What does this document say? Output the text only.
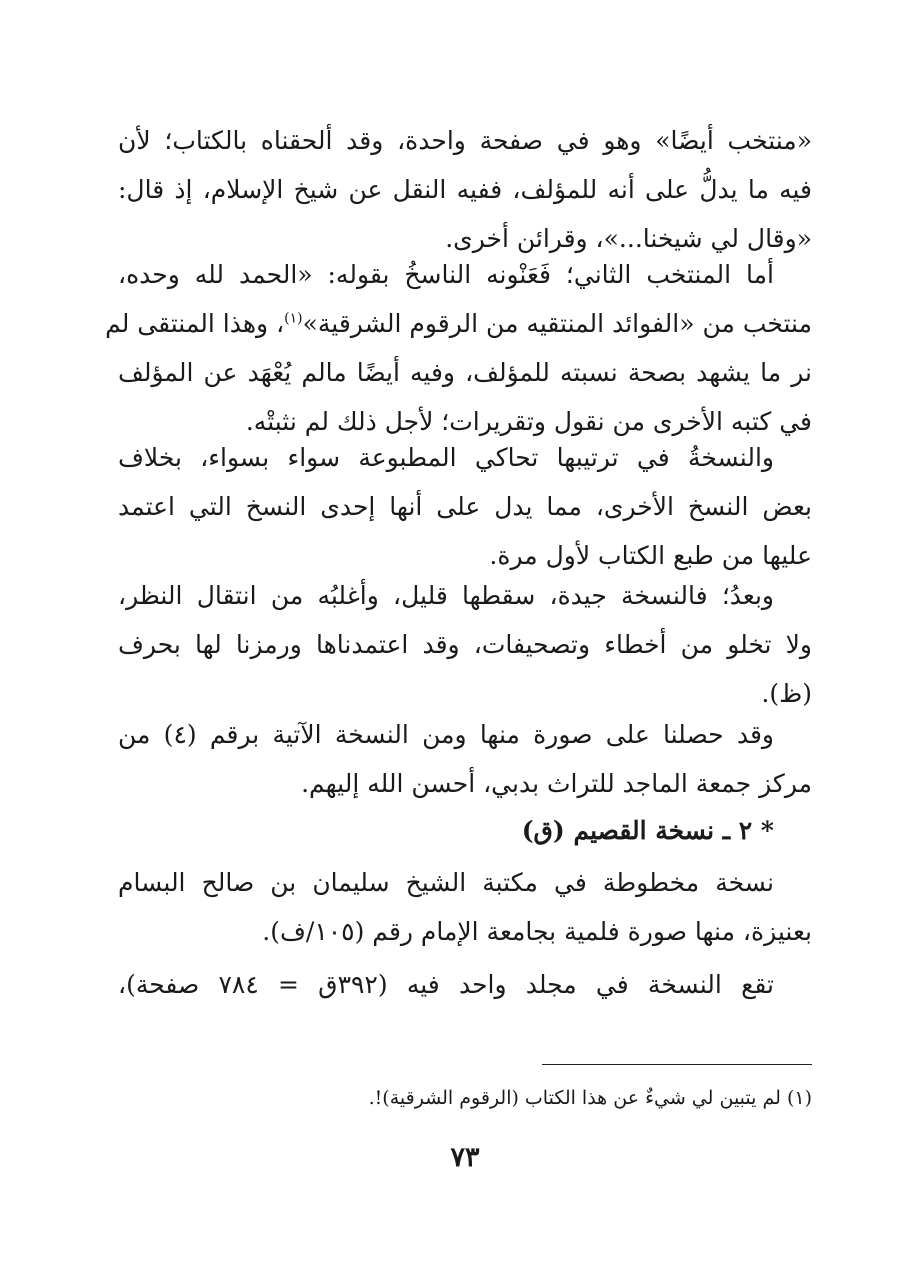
«منتخب أيضًا» وهو في صفحة واحدة، وقد ألحقناه بالكتاب؛ لأن
فيه ما يدلُّ على أنه للمؤلف، ففيه النقل عن شيخ الإسلام، إذ قال:
«وقال لي شيخنا...»، وقرائن أخرى.
أما المنتخب الثاني؛ فَعَنْونه الناسخُ بقوله: «الحمد لله وحده،
منتخب من «الفوائد المنتقيه من الرقوم الشرقية»$^{(١)}$، وهذا المنتقى لم
نر ما يشهد بصحة نسبته للمؤلف، وفيه أيضًا مالم يُعْهَد عن المؤلف
في كتبه الأخرى من نقول وتقريرات؛ لأجل ذلك لم نثبتْه.
والنسخةُ في ترتيبها تحاكي المطبوعة سواء بسواء، بخلاف
بعض النسخ الأخرى، مما يدل على أنها إحدى النسخ التي اعتمد
عليها من طبع الكتاب لأول مرة.
وبعدُ؛ فالنسخة جيدة، سقطها قليل، وأغلبُه من انتقال النظر،
ولا تخلو من أخطاء وتصحيفات، وقد اعتمدناها ورمزنا لها بحرف
(ظ).
وقد حصلنا على صورة منها ومن النسخة الآتية برقم (٤) من
مركز جمعة الماجد للتراث بدبي، أحسن الله إليهم.
* ٢ ـ نسخة القصيم (ق)
نسخة مخطوطة في مكتبة الشيخ سليمان بن صالح البسام
بعنيزة، منها صورة فلمية بجامعة الإمام رقم (١٠٥/ف).
تقع النسخة في مجلد واحد فيه (٣٩٢ق = ٧٨٤ صفحة)،
(١) لم يتبين لي شيءٌ عن هذا الكتاب (الرقوم الشرقية)!.
٧٣
